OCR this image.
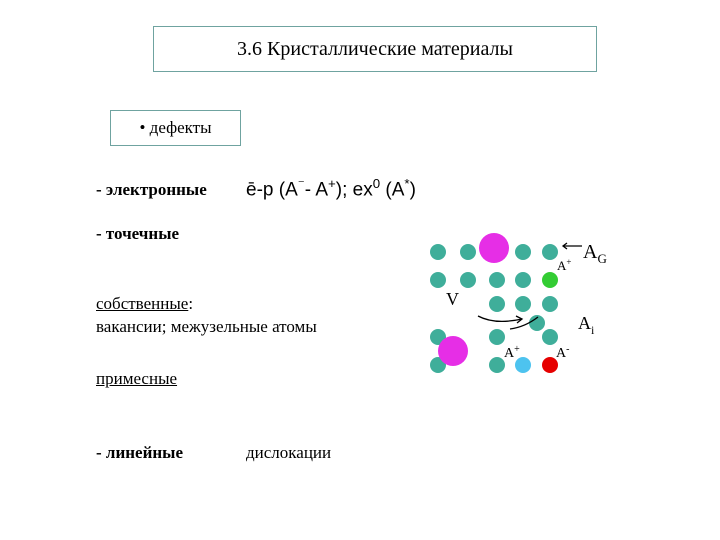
3.6 Кристаллические материалы
• дефекты
- электронные ē-p (A⁻- A+); $ex^0$ (A*)
- точечные
собственные:
вакансии; межузельные атомы
примесные
- линейные	дислокации
V
A+ $A_G$
$A_i$
A+	A-
